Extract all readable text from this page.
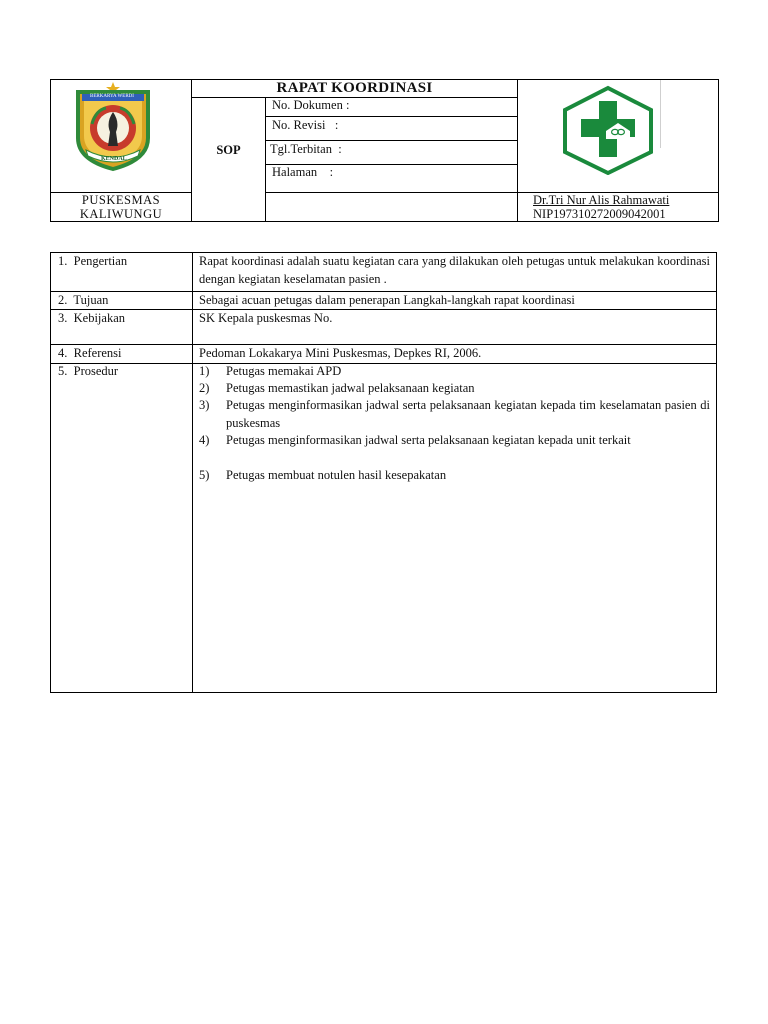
BERKARYA WERDI
KENDAL
RAPAT KOORDINASI
SOP
No. Dokumen :
No. Revisi   :
Tgl.Terbitan  :
Halaman    :
PUSKESMAS
KALIWUNGU
Dr.Tri Nur Alis Rahmawati
NIP197310272009042001
1.  Pengertian
2.  Tujuan
3.  Kebijakan
4.  Referensi
5.  Prosedur
Rapat koordinasi adalah suatu kegiatan cara yang dilakukan oleh petugas untuk melakukan koordinasi dengan kegiatan keselamatan pasien .
Sebagai acuan petugas dalam penerapan Langkah-langkah rapat koordinasi
SK Kepala puskesmas No.
Pedoman Lokakarya Mini Puskesmas, Depkes RI, 2006.
1) Petugas memakai APD
2) Petugas memastikan jadwal pelaksanaan kegiatan
3) Petugas menginformasikan jadwal serta pelaksanaan kegiatan kepada tim keselamatan pasien di puskesmas
4) Petugas menginformasikan jadwal serta pelaksanaan kegiatan kepada unit terkait
5) Petugas membuat notulen hasil kesepakatan
